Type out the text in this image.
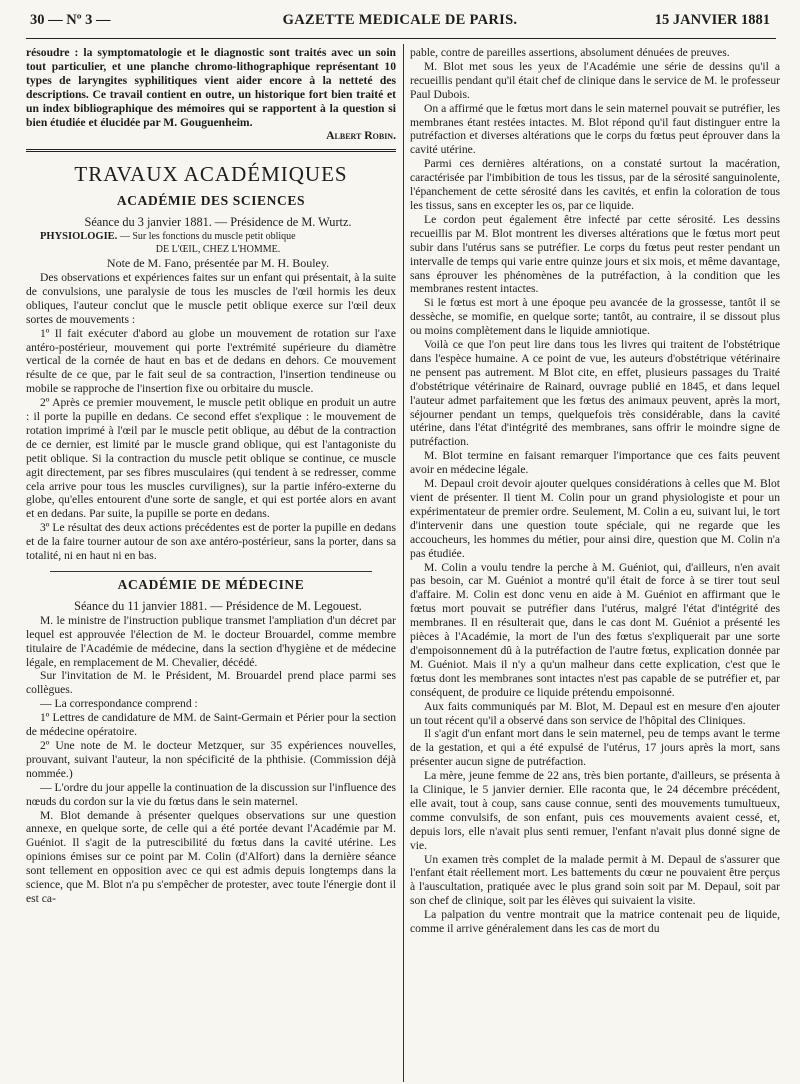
30 — Nº 3 —	GAZETTE MEDICALE DE PARIS.	15 JANVIER 1881

résoudre : la symptomatologie et le diagnostic sont traités avec un soin tout particulier, et une planche chromo-lithographique représentant 10 types de laryngites syphilitiques vient aider encore à la netteté des descriptions. Ce travail contient en outre, un historique fort bien traité et un index bibliographique des mémoires qui se rapportent à la question si bien étudiée et élucidée par M. Gouguenheim.

Albert Robin.

TRAVAUX ACADÉMIQUES
ACADÉMIE DES SCIENCES

Séance du 3 janvier 1881. — Présidence de M. Wurtz.

PHYSIOLOGIE. — Sur les fonctions du muscle petit oblique

DE L'ŒIL, CHEZ L'HOMME.

Note de M. Fano, présentée par M. H. Bouley.

Des observations et expériences faites sur un enfant qui présentait, à la suite de convulsions, une paralysie de tous les muscles de l'œil hormis les deux obliques, l'auteur conclut que le muscle petit oblique exerce sur l'œil deux sortes de mouvements :

1º Il fait exécuter d'abord au globe un mouvement de rotation sur l'axe antéro-postérieur, mouvement qui porte l'extrémité supérieure du diamètre vertical de la cornée de haut en bas et de dedans en dehors. Ce mouvement résulte de ce que, par le fait seul de sa contraction, l'insertion tendineuse ou mobile se rapproche de l'insertion fixe ou orbitaire du muscle.

2º Après ce premier mouvement, le muscle petit oblique en produit un autre : il porte la pupille en dedans. Ce second effet s'explique : le mouvement de rotation imprimé à l'œil par le muscle petit oblique, au début de la contraction de ce dernier, est limité par le muscle grand oblique, qui est l'antagoniste du petit oblique. Si la contraction du muscle petit oblique se continue, ce muscle agit directement, par ses fibres musculaires (qui tendent à se redresser, comme cela arrive pour tous les muscles curvilignes), sur la partie inféro-externe du globe, qu'elles entourent d'une sorte de sangle, et qui est portée alors en avant et en dedans. Par suite, la pupille se porte en dedans.

3º Le résultat des deux actions précédentes est de porter la pupille en dedans et de la faire tourner autour de son axe antéro-postérieur, sans la porter, dans sa totalité, ni en haut ni en bas.

ACADÉMIE DE MÉDECINE

Séance du 11 janvier 1881. — Présidence de M. Legouest.

M. le ministre de l'instruction publique transmet l'ampliation d'un décret par lequel est approuvée l'élection de M. le docteur Brouardel, comme membre titulaire de l'Académie de médecine, dans la section d'hygiène et de médecine légale, en remplacement de M. Chevalier, décédé.

Sur l'invitation de M. le Président, M. Brouardel prend place parmi ses collègues.

— La correspondance comprend :

1º Lettres de candidature de MM. de Saint-Germain et Périer pour la section de médecine opératoire.

2º Une note de M. le docteur Metzquer, sur 35 expériences nouvelles, prouvant, suivant l'auteur, la non spécificité de la phthisie. (Commission déjà nommée.)

— L'ordre du jour appelle la continuation de la discussion sur l'influence des nœuds du cordon sur la vie du fœtus dans le sein maternel.

M. Blot demande à présenter quelques observations sur une question annexe, en quelque sorte, de celle qui a été portée devant l'Académie par M. Guéniot. Il s'agit de la putrescibilité du fœtus dans la cavité utérine. Les opinions émises sur ce point par M. Colin (d'Alfort) dans la dernière séance sont tellement en opposition avec ce qui est admis depuis longtemps dans la science, que M. Blot n'a pu s'empêcher de protester, avec toute l'énergie dont il est ca-

pable, contre de pareilles assertions, absolument dénuées de preuves.

M. Blot met sous les yeux de l'Académie une série de dessins qu'il a recueillis pendant qu'il était chef de clinique dans le service de M. le professeur Paul Dubois.

On a affirmé que le fœtus mort dans le sein maternel pouvait se putréfier, les membranes étant restées intactes. M. Blot répond qu'il faut distinguer entre la putréfaction et diverses altérations que le corps du fœtus peut éprouver dans la cavité utérine.

Parmi ces dernières altérations, on a constaté surtout la macération, caractérisée par l'imbibition de tous les tissus, par de la sérosité sanguinolente, l'épanchement de cette sérosité dans les cavités, et enfin la coloration de tous les tissus, sans en excepter les os, par ce liquide.

Le cordon peut également être infecté par cette sérosité. Les dessins recueillis par M. Blot montrent les diverses altérations que le fœtus mort peut subir dans l'utérus sans se putréfier. Le corps du fœtus peut rester pendant un intervalle de temps qui varie entre quinze jours et six mois, et même davantage, sans éprouver les phénomènes de la putréfaction, à la condition que les membranes restent intactes.

Si le fœtus est mort à une époque peu avancée de la grossesse, tantôt il se dessèche, se momifie, en quelque sorte; tantôt, au contraire, il se dissout plus ou moins complètement dans le liquide amniotique.

Voilà ce que l'on peut lire dans tous les livres qui traitent de l'obstétrique dans l'espèce humaine. A ce point de vue, les auteurs d'obstétrique vétérinaire ne pensent pas autrement. M Blot cite, en effet, plusieurs passages du Traité d'obstétrique vétérinaire de Rainard, ouvrage publié en 1845, et dans lequel l'auteur admet parfaitement que les fœtus des animaux peuvent, après la mort, séjourner pendant un temps, quelquefois très considérable, dans la cavité utérine, dans l'état d'intégrité des membranes, sans offrir le moindre signe de putréfaction.

M. Blot termine en faisant remarquer l'importance que ces faits peuvent avoir en médecine légale.

M. Depaul croit devoir ajouter quelques considérations à celles que M. Blot vient de présenter. Il tient M. Colin pour un grand physiologiste et pour un expérimentateur de premier ordre. Seulement, M. Colin a eu, suivant lui, le tort d'intervenir dans une question toute spéciale, qui ne regarde que les accoucheurs, les hommes du métier, pour ainsi dire, question que M. Colin n'a pas étudiée.

M. Colin a voulu tendre la perche à M. Guéniot, qui, d'ailleurs, n'en avait pas besoin, car M. Guéniot a montré qu'il était de force à se tirer tout seul d'affaire. M. Colin est donc venu en aide à M. Guéniot en affirmant que le fœtus mort pouvait se putréfier dans l'utérus, malgré l'état d'intégrité des membranes. Il en résulterait que, dans le cas dont M. Guéniot a présenté les pièces à l'Académie, la mort de l'un des fœtus s'expliquerait par une sorte d'empoisonnement dû à la putréfaction de l'autre fœtus, explication donnée par M. Guéniot. Mais il n'y a qu'un malheur dans cette explication, c'est que le fœtus dont les membranes sont intactes n'est pas capable de se putréfier et, par conséquent, de produire ce liquide prétendu empoisonné.

Aux faits communiqués par M. Blot, M. Depaul est en mesure d'en ajouter un tout récent qu'il a observé dans son service de l'hôpital des Cliniques.

Il s'agit d'un enfant mort dans le sein maternel, peu de temps avant le terme de la gestation, et qui a été expulsé de l'utérus, 17 jours après la mort, sans présenter aucun signe de putréfaction.

La mère, jeune femme de 22 ans, très bien portante, d'ailleurs, se présenta à la Clinique, le 5 janvier dernier. Elle raconta que, le 24 décembre précédent, elle avait, tout à coup, sans cause connue, senti des mouvements tumultueux, comme convulsifs, de son enfant, puis ces mouvements avaient cessé, et, depuis lors, elle n'avait plus senti remuer, l'enfant n'avait plus donné signe de vie.

Un examen très complet de la malade permit à M. Depaul de s'assurer que l'enfant était réellement mort. Les battements du cœur ne pouvaient être perçus à l'auscultation, pratiquée avec le plus grand soin soit par M. Depaul, soit par son chef de clinique, soit par les élèves qui suivaient la visite.

La palpation du ventre montrait que la matrice contenait peu de liquide, comme il arrive généralement dans les cas de mort du
